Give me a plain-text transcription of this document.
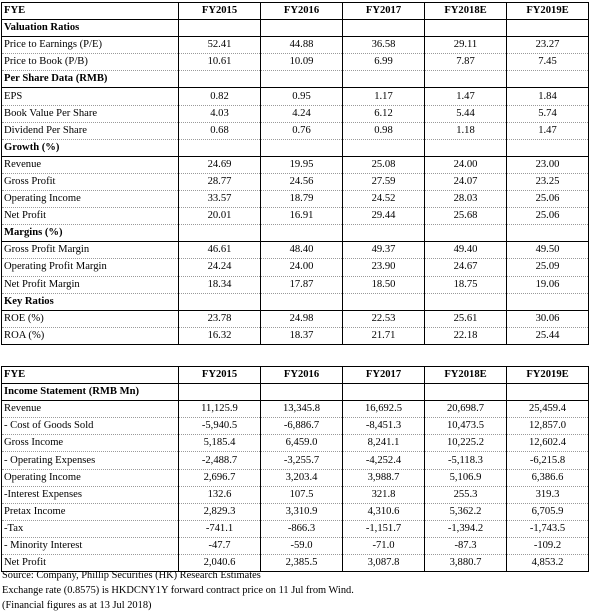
FYE	FY2015	FY2016	FY2017	FY2018E	FY2019E
Valuation Ratios					
Price to Earnings (P/E)	52.41	44.88	36.58	29.11	23.27
Price to Book (P/B)	10.61	10.09	6.99	7.87	7.45
Per Share Data (RMB)					
EPS	0.82	0.95	1.17	1.47	1.84
Book Value Per Share	4.03	4.24	6.12	5.44	5.74
Dividend Per Share	0.68	0.76	0.98	1.18	1.47
Growth (%)					
Revenue	24.69	19.95	25.08	24.00	23.00
Gross Profit	28.77	24.56	27.59	24.07	23.25
Operating Income	33.57	18.79	24.52	28.03	25.06
Net Profit	20.01	16.91	29.44	25.68	25.06
Margins (%)					
Gross Profit Margin	46.61	48.40	49.37	49.40	49.50
Operating Profit Margin	24.24	24.00	23.90	24.67	25.09
Net Profit Margin	18.34	17.87	18.50	18.75	19.06
Key Ratios					
ROE (%)	23.78	24.98	22.53	25.61	30.06
ROA (%)	16.32	18.37	21.71	22.18	25.44
FYE	FY2015	FY2016	FY2017	FY2018E	FY2019E
Income Statement (RMB Mn)					
Revenue	11,125.9	13,345.8	16,692.5	20,698.7	25,459.4
- Cost of Goods Sold	-5,940.5	-6,886.7	-8,451.3	10,473.5	12,857.0
Gross Income	5,185.4	6,459.0	8,241.1	10,225.2	12,602.4
- Operating Expenses	-2,488.7	-3,255.7	-4,252.4	-5,118.3	-6,215.8
Operating Income	2,696.7	3,203.4	3,988.7	5,106.9	6,386.6
-Interest Expenses	132.6	107.5	321.8	255.3	319.3
Pretax Income	2,829.3	3,310.9	4,310.6	5,362.2	6,705.9
-Tax	-741.1	-866.3	-1,151.7	-1,394.2	-1,743.5
- Minority Interest	-47.7	-59.0	-71.0	-87.3	-109.2
Net Profit	2,040.6	2,385.5	3,087.8	3,880.7	4,853.2
Source: Company, Phillip Securities (HK) Research Estimates
Exchange rate (0.8575) is HKDCNY1Y forward contract price on 11 Jul from Wind.
(Financial figures as at 13 Jul 2018)
